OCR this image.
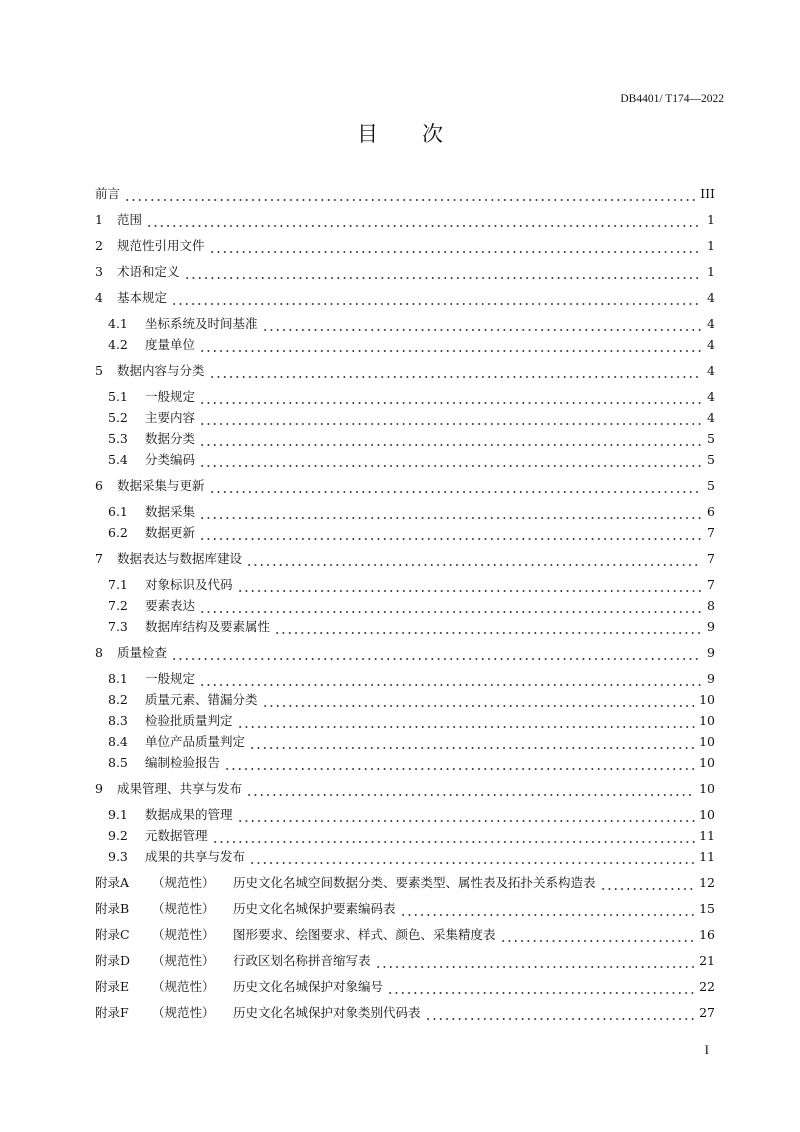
DB4401/ T174—2022
目次
前言	III
1	范围	1
2	规范性引用文件	1
3	术语和定义	1
4	基本规定	4
4.1	坐标系统及时间基准	4
4.2	度量单位	4
5	数据内容与分类	4
5.1	一般规定	4
5.2	主要内容	4
5.3	数据分类	5
5.4	分类编码	5
6	数据采集与更新	5
6.1	数据采集	6
6.2	数据更新	7
7	数据表达与数据库建设	7
7.1	对象标识及代码	7
7.2	要素表达	8
7.3	数据库结构及要素属性	9
8	质量检查	9
8.1	一般规定	9
8.2	质量元素、错漏分类	10
8.3	检验批质量判定	10
8.4	单位产品质量判定	10
8.5	编制检验报告	10
9	成果管理、共享与发布	10
9.1	数据成果的管理	10
9.2	元数据管理	11
9.3	成果的共享与发布	11
附录A	（规范性）	历史文化名城空间数据分类、要素类型、属性表及拓扑关系构造表	12
附录B	（规范性）	历史文化名城保护要素编码表	15
附录C	（规范性）	图形要求、绘图要求、样式、颜色、采集精度表	16
附录D	（规范性）	行政区划名称拼音缩写表	21
附录E	（规范性）	历史文化名城保护对象编号	22
附录F	（规范性）	历史文化名城保护对象类别代码表	27
I
